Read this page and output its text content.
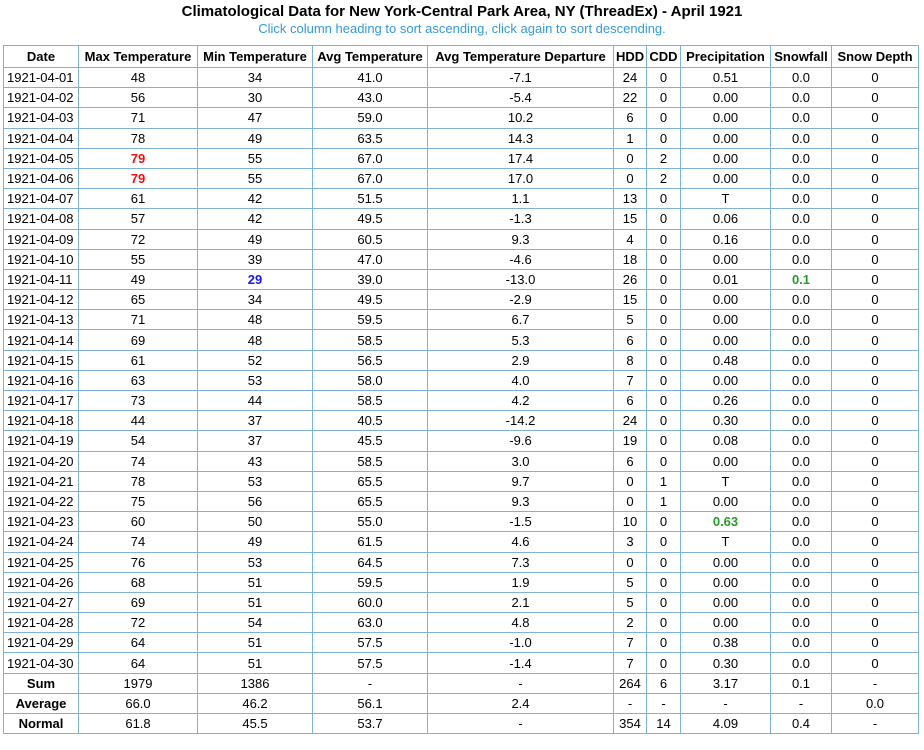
Climatological Data for New York-Central Park Area, NY (ThreadEx) - April 1921

Click column heading to sort ascending, click again to sort descending.

Date	Max Temperature	Min Temperature	Avg Temperature	Avg Temperature Departure	HDD	CDD	Precipitation	Snowfall	Snow Depth
1921-04-01	48	34	41.0	-7.1	24	0	0.51	0.0	0
1921-04-02	56	30	43.0	-5.4	22	0	0.00	0.0	0
1921-04-03	71	47	59.0	10.2	6	0	0.00	0.0	0
1921-04-04	78	49	63.5	14.3	1	0	0.00	0.0	0
1921-04-05	79	55	67.0	17.4	0	2	0.00	0.0	0
1921-04-06	79	55	67.0	17.0	0	2	0.00	0.0	0
1921-04-07	61	42	51.5	1.1	13	0	T	0.0	0
1921-04-08	57	42	49.5	-1.3	15	0	0.06	0.0	0
1921-04-09	72	49	60.5	9.3	4	0	0.16	0.0	0
1921-04-10	55	39	47.0	-4.6	18	0	0.00	0.0	0
1921-04-11	49	29	39.0	-13.0	26	0	0.01	0.1	0
1921-04-12	65	34	49.5	-2.9	15	0	0.00	0.0	0
1921-04-13	71	48	59.5	6.7	5	0	0.00	0.0	0
1921-04-14	69	48	58.5	5.3	6	0	0.00	0.0	0
1921-04-15	61	52	56.5	2.9	8	0	0.48	0.0	0
1921-04-16	63	53	58.0	4.0	7	0	0.00	0.0	0
1921-04-17	73	44	58.5	4.2	6	0	0.26	0.0	0
1921-04-18	44	37	40.5	-14.2	24	0	0.30	0.0	0
1921-04-19	54	37	45.5	-9.6	19	0	0.08	0.0	0
1921-04-20	74	43	58.5	3.0	6	0	0.00	0.0	0
1921-04-21	78	53	65.5	9.7	0	1	T	0.0	0
1921-04-22	75	56	65.5	9.3	0	1	0.00	0.0	0
1921-04-23	60	50	55.0	-1.5	10	0	0.63	0.0	0
1921-04-24	74	49	61.5	4.6	3	0	T	0.0	0
1921-04-25	76	53	64.5	7.3	0	0	0.00	0.0	0
1921-04-26	68	51	59.5	1.9	5	0	0.00	0.0	0
1921-04-27	69	51	60.0	2.1	5	0	0.00	0.0	0
1921-04-28	72	54	63.0	4.8	2	0	0.00	0.0	0
1921-04-29	64	51	57.5	-1.0	7	0	0.38	0.0	0
1921-04-30	64	51	57.5	-1.4	7	0	0.30	0.0	0
Sum	1979	1386	-	-	264	6	3.17	0.1	-
Average	66.0	46.2	56.1	2.4	-	-	-	-	0.0
Normal	61.8	45.5	53.7	-	354	14	4.09	0.4	-
